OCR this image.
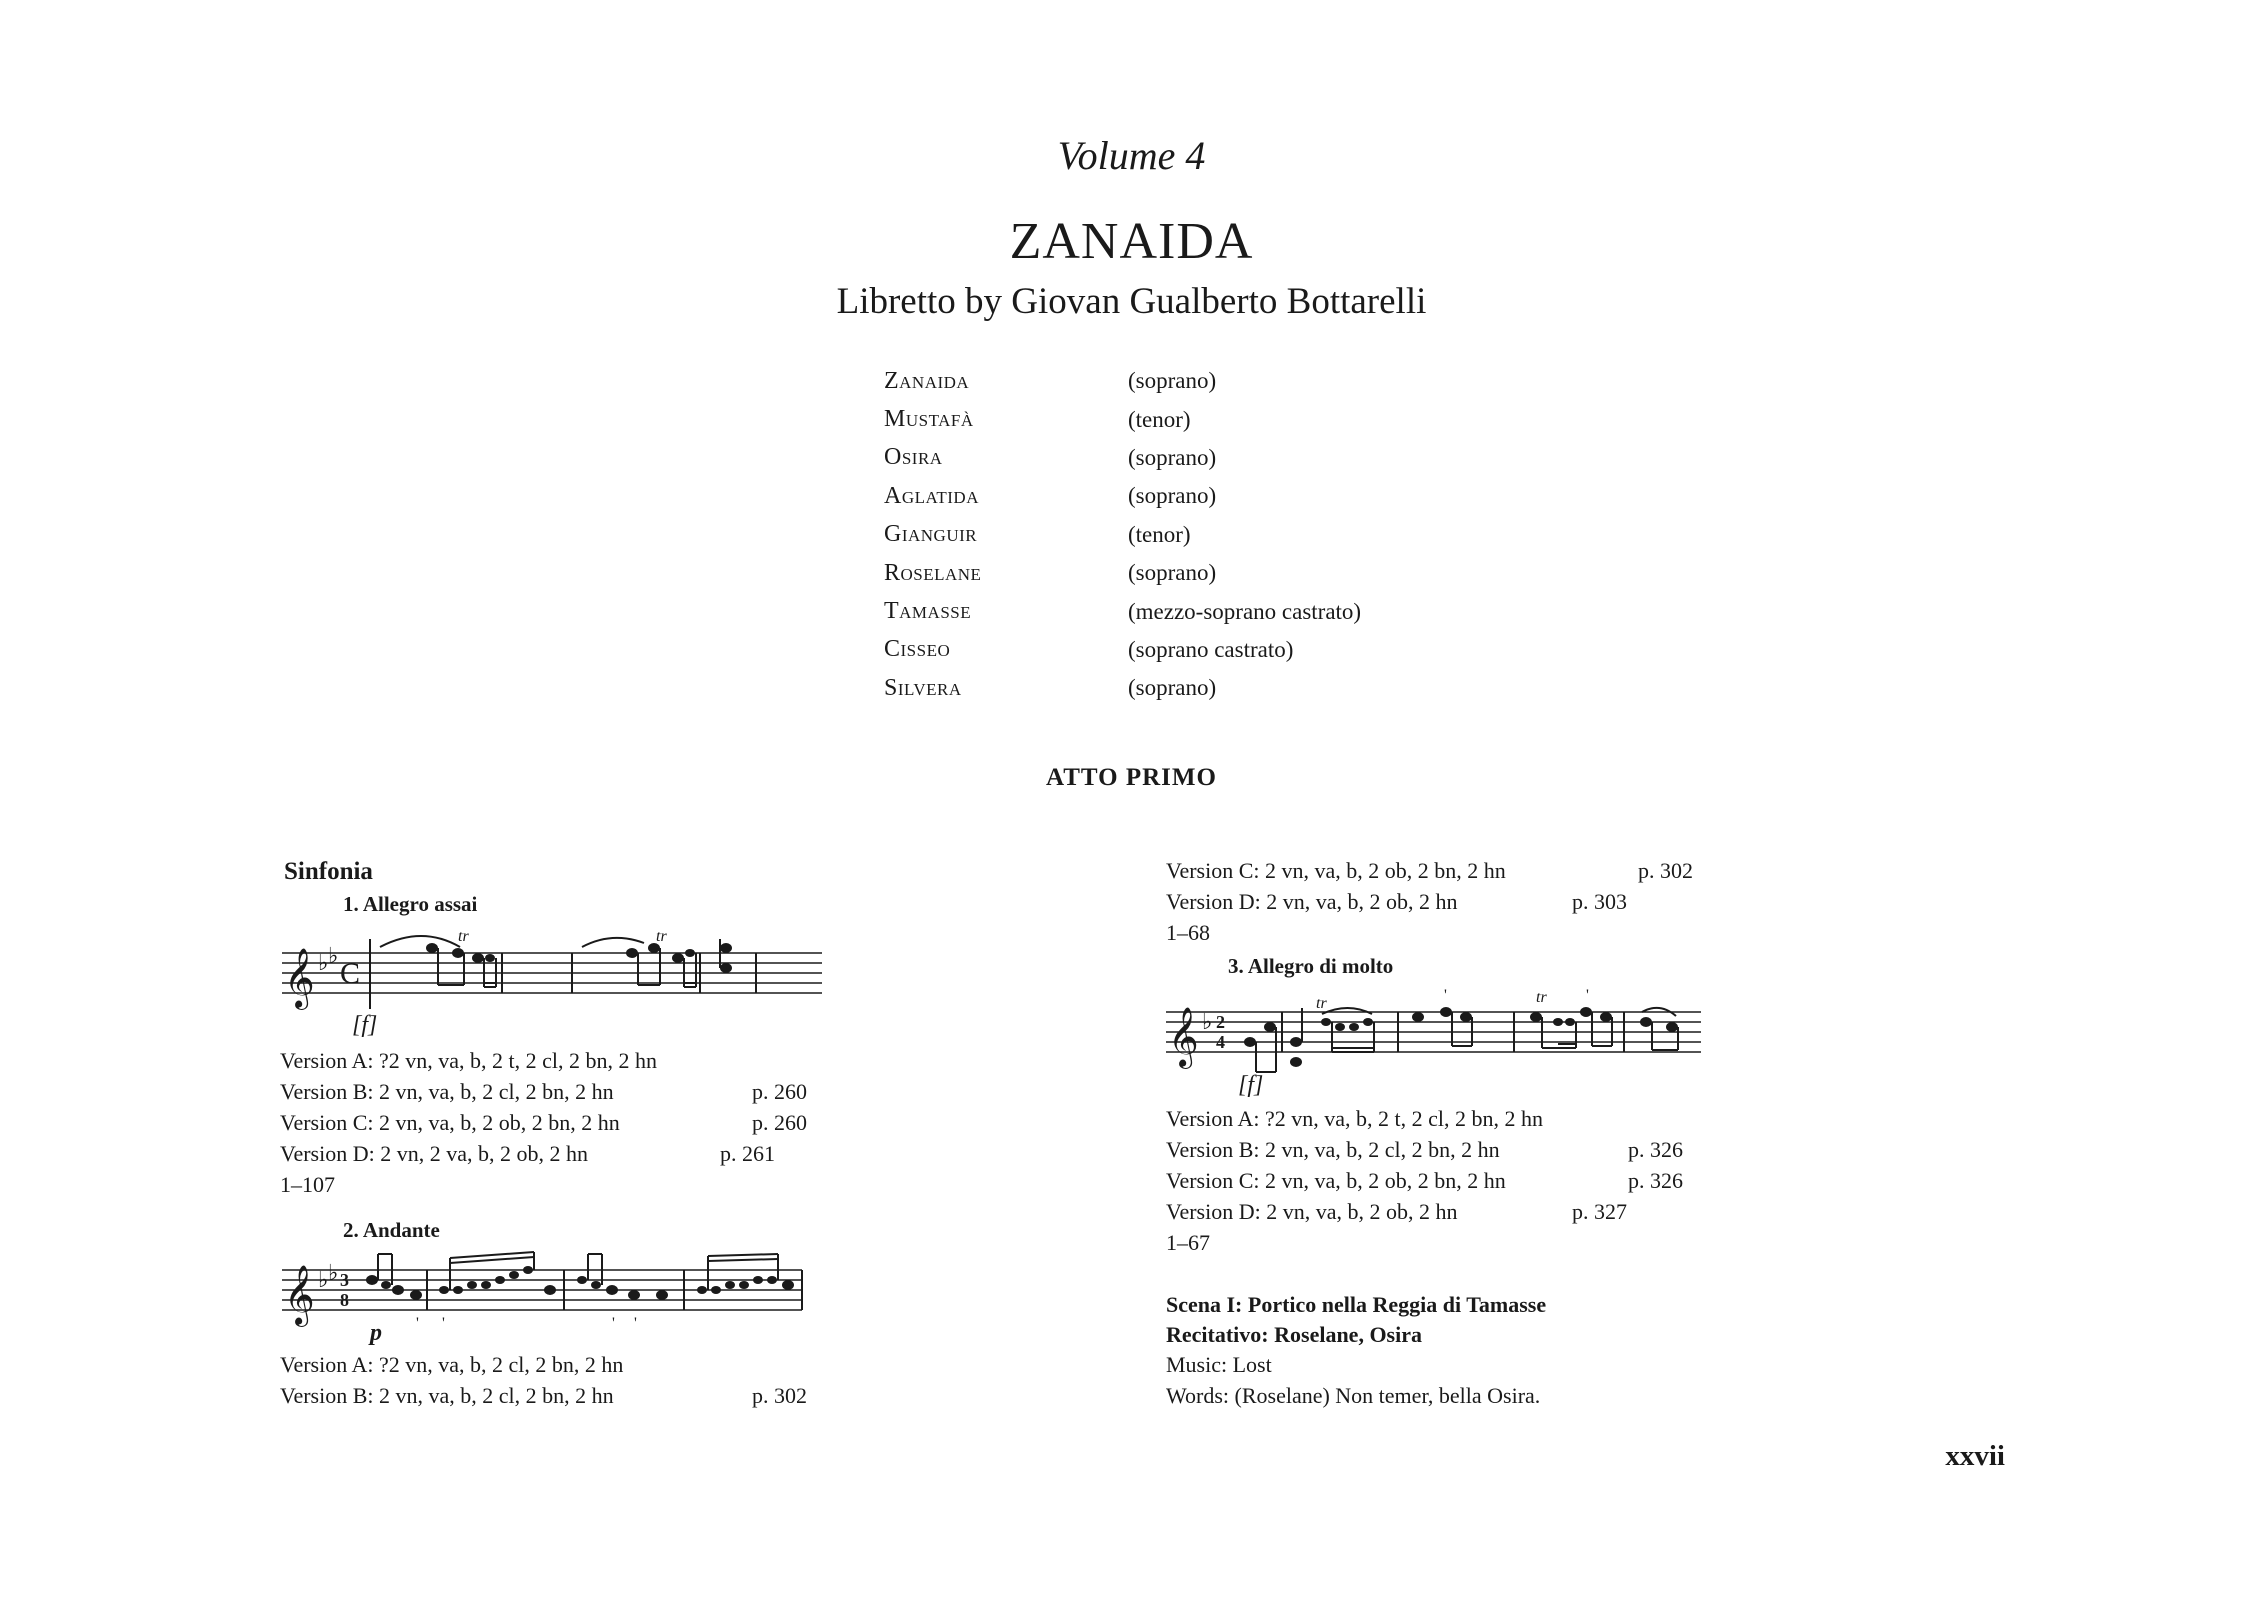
Volume 4
ZANAIDA
Libretto by Giovan Gualberto Bottarelli
Zanaida	(soprano)
Mustafà	(tenor)
Osira	(soprano)
Aglatida	(soprano)
Gianguir	(tenor)
Roselane	(soprano)
Tamasse	(mezzo-soprano castrato)
Cisseo	(soprano castrato)
Silvera	(soprano)
ATTO PRIMO
Sinfonia
1. Allegro assai
𝄞 ♭ ♭
C
tr	tr
[f]
Version A: ?2 vn, va, b, 2 t, 2 cl, 2 bn, 2 hn
Version B: 2 vn, va, b, 2 cl, 2 bn, 2 hn	p. 260
Version C: 2 vn, va, b, 2 ob, 2 bn, 2 hn	p. 260
Version D: 2 vn, 2 va, b, 2 ob, 2 hn	p. 261
1–107
2. Andante
𝄞 ♭ ♭ 3
8
' '	' '
p
Version A: ?2 vn, va, b, 2 cl, 2 bn, 2 hn
Version B: 2 vn, va, b, 2 cl, 2 bn, 2 hn	p. 302
Version C: 2 vn, va, b, 2 ob, 2 bn, 2 hn	p. 302
Version D: 2 vn, va, b, 2 ob, 2 hn	p. 303
1–68
3. Allegro di molto
𝄞 ♭ 2
4
tr	tr
'	'
[f]
Version A: ?2 vn, va, b, 2 t, 2 cl, 2 bn, 2 hn
Version B: 2 vn, va, b, 2 cl, 2 bn, 2 hn	p. 326
Version C: 2 vn, va, b, 2 ob, 2 bn, 2 hn	p. 326
Version D: 2 vn, va, b, 2 ob, 2 hn	p. 327
1–67
Scena I: Portico nella Reggia di Tamasse
Recitativo: Roselane, Osira
Music: Lost
Words: (Roselane) Non temer, bella Osira.
xxvii
